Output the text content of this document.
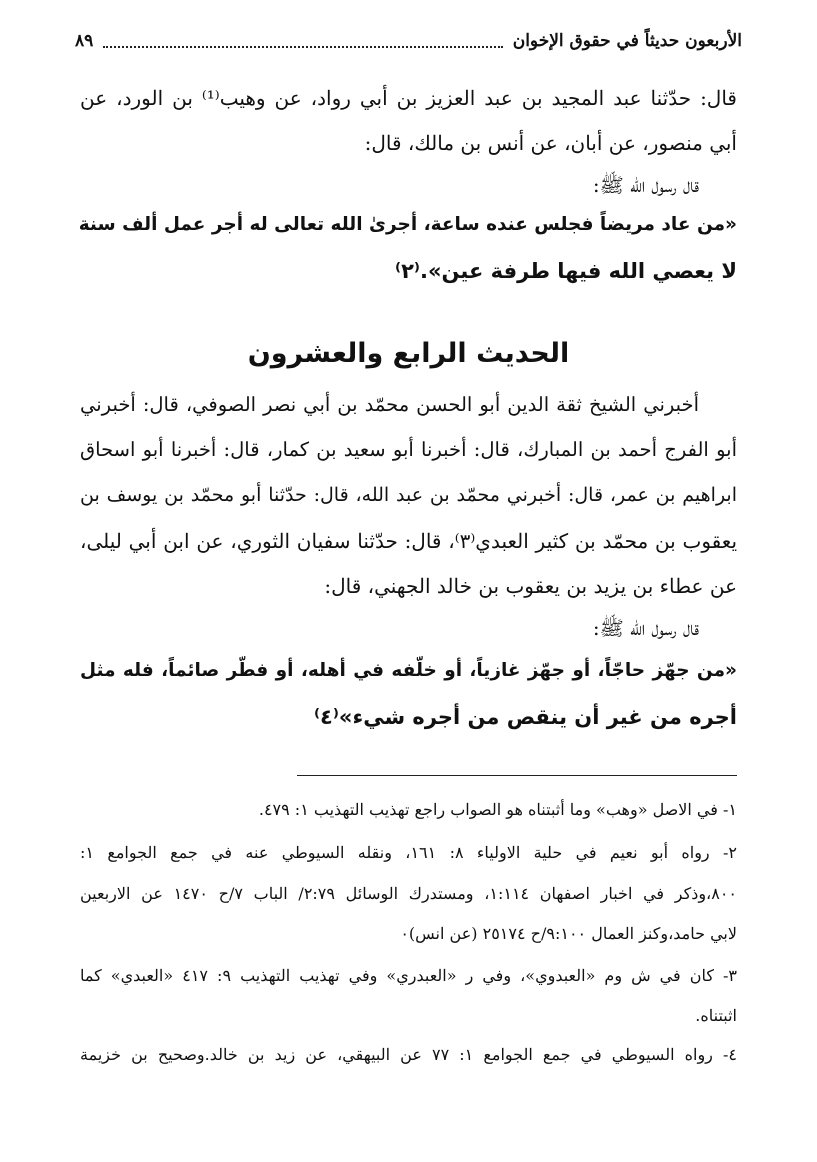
الأربعون حديثاً في حقوق الإخوان
٨٩
قال: حدّثنا عبد المجيد بن عبد العزيز بن أبي رواد، عن وهيب⁽¹⁾ بن الورد، عن
أبي منصور، عن أبان، عن أنس بن مالك، قال:
قال رسول الله ﷺ:
«من عاد مريضاً فجلس عنده ساعة، أجرىٰ الله تعالى له أجر عمل ألف سنة
لا يعصي الله فيها طرفة عين».⁽٢⁾
الحديث الرابع والعشرون
أخبرني الشيخ ثقة الدين أبو الحسن محمّد بن أبي نصر الصوفي، قال: أخبرني
أبو الفرج أحمد بن المبارك، قال: أخبرنا أبو سعيد بن كمار، قال: أخبرنا أبو اسحاق
ابراهيم بن عمر، قال: أخبرني محمّد بن عبد الله، قال: حدّثنا أبو محمّد بن يوسف بن
يعقوب بن محمّد بن كثير العبدي⁽٣⁾، قال: حدّثنا سفيان الثوري، عن ابن أبي ليلى،
عن عطاء بن يزيد بن يعقوب بن خالد الجهني، قال:
قال رسول الله ﷺ:
«من جهّز حاجّاً، أو جهّز غازياً، أو خلّفه في أهله، أو فطّر صائماً، فله مثل
أجره من غير أن ينقص من أجره شيء»⁽٤⁾
١- في الاصل «وهب» وما أثبتناه هو الصواب راجع تهذيب التهذيب ١: ٤٧٩.
٢- رواه أبو نعيم في حلية الاولياء ٨: ١٦١، ونقله السيوطي عنه في جمع الجوامع ١:
٨٠٠،وذكر في اخبار اصفهان ١:١١٤، ومستدرك الوسائل ٢:٧٩/ الباب ٧/ح ١٤٧٠ عن الاربعين
لابي حامد،وكنز العمال ٩:١٠٠/ح ٢٥١٧٤ (عن انس)٠
٣- كان في ش وم «العبدوي»، وفي ر «العبدري» وفي تهذيب التهذيب ٩: ٤١٧ «العبدي» كما
اثبتناه.
٤- رواه السيوطي في جمع الجوامع ١: ٧٧ عن البيهقي، عن زيد بن خالد.وصحيح بن خزيمة
